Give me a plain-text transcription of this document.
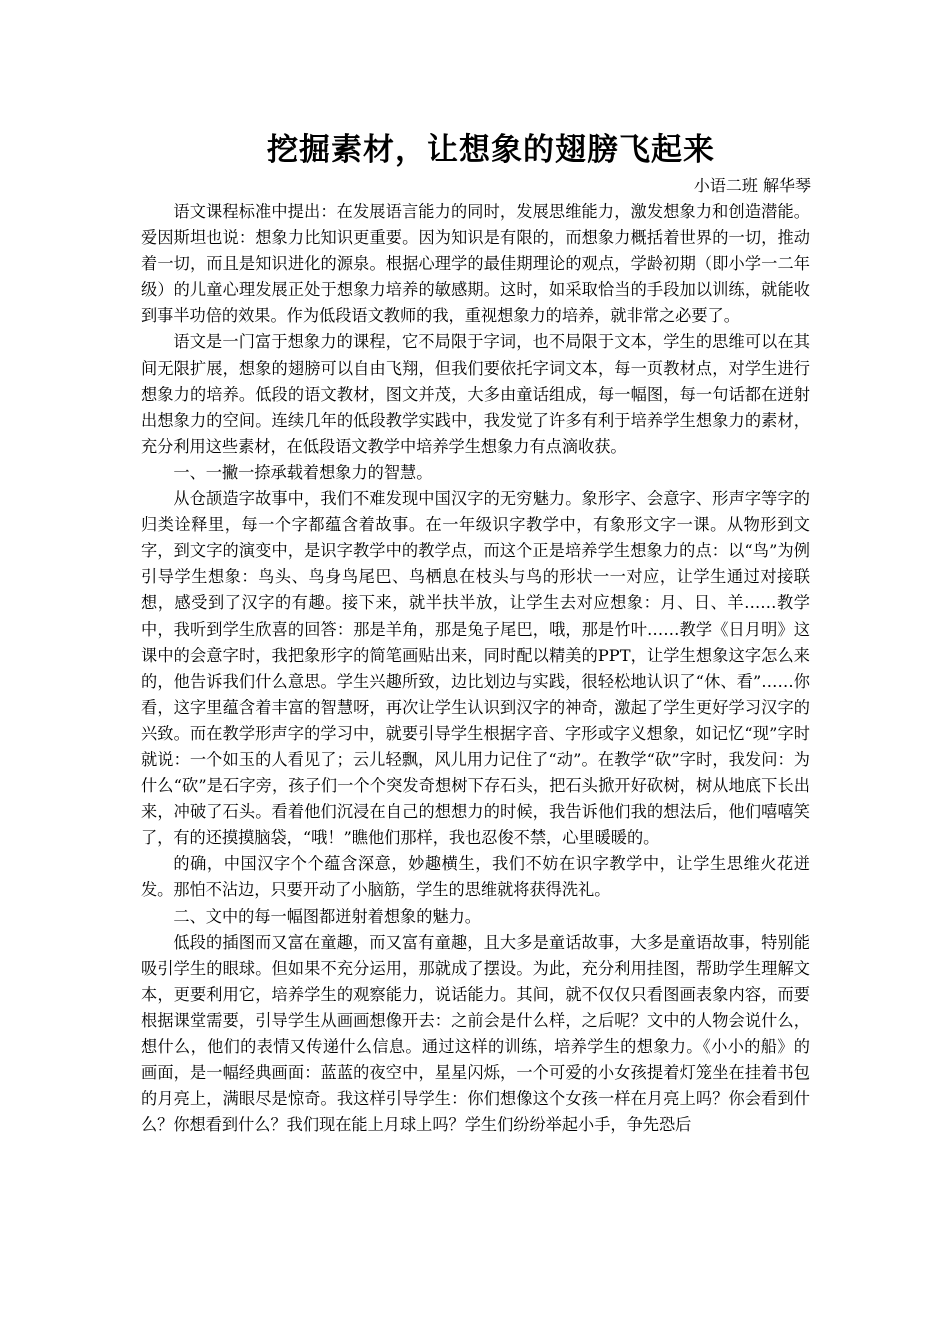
挖掘素材，让想象的翅膀飞起来

小语二班 解华琴

语文课程标准中提出：在发展语言能力的同时，发展思维能力，激发想象力和创造潜能。爱因斯坦也说：想象力比知识更重要。因为知识是有限的，而想象力概括着世界的一切，推动着一切，而且是知识进化的源泉。根据心理学的最佳期理论的观点，学龄初期（即小学一二年级）的儿童心理发展正处于想象力培养的敏感期。这时，如采取恰当的手段加以训练，就能收到事半功倍的效果。作为低段语文教师的我，重视想象力的培养，就非常之必要了。

语文是一门富于想象力的课程，它不局限于字词，也不局限于文本，学生的思维可以在其间无限扩展，想象的翅膀可以自由飞翔，但我们要依托字词文本，每一页教材点，对学生进行想象力的培养。低段的语文教材，图文并茂，大多由童话组成，每一幅图，每一句话都在迸射出想象力的空间。连续几年的低段教学实践中，我发觉了许多有利于培养学生想象力的素材，充分利用这些素材，在低段语文教学中培养学生想象力有点滴收获。

一、一撇一捺承载着想象力的智慧。

从仓颉造字故事中，我们不难发现中国汉字的无穷魅力。象形字、会意字、形声字等字的归类诠释里，每一个字都蕴含着故事。在一年级识字教学中，有象形文字一课。从物形到文字，到文字的演变中，是识字教学中的教学点，而这个正是培养学生想象力的点：以“鸟”为例引导学生想象：鸟头、鸟身鸟尾巴、鸟栖息在枝头与鸟的形状一一对应，让学生通过对接联想，感受到了汉字的有趣。接下来，就半扶半放，让学生去对应想象：月、日、羊……教学中，我听到学生欣喜的回答：那是羊角，那是兔子尾巴，哦，那是竹叶……教学《日月明》这课中的会意字时，我把象形字的简笔画贴出来，同时配以精美的PPT，让学生想象这字怎么来的，他告诉我们什么意思。学生兴趣所致，边比划边与实践，很轻松地认识了“休、看”……你看，这字里蕴含着丰富的智慧呀，再次让学生认识到汉字的神奇，激起了学生更好学习汉字的兴致。而在教学形声字的学习中，就要引导学生根据字音、字形或字义想象，如记忆“现”字时就说：一个如玉的人看见了；云儿轻飘，风儿用力记住了“动”。在教学“砍”字时，我发问：为什么“砍”是石字旁，孩子们一个个突发奇想树下存石头，把石头掀开好砍树，树从地底下长出来，冲破了石头。看着他们沉浸在自己的想想力的时候，我告诉他们我的想法后，他们嘻嘻笑了，有的还摸摸脑袋，“哦！”瞧他们那样，我也忍俊不禁，心里暖暖的。

的确，中国汉字个个蕴含深意，妙趣横生，我们不妨在识字教学中，让学生思维火花迸发。那怕不沾边，只要开动了小脑筋，学生的思维就将获得洗礼。

二、文中的每一幅图都迸射着想象的魅力。

低段的插图而又富在童趣，而又富有童趣，且大多是童话故事，大多是童语故事，特别能吸引学生的眼球。但如果不充分运用，那就成了摆设。为此，充分利用挂图，帮助学生理解文本，更要利用它，培养学生的观察能力，说话能力。其间，就不仅仅只看图画表象内容，而要根据课堂需要，引导学生从画画想像开去：之前会是什么样，之后呢？文中的人物会说什么，想什么，他们的表情又传递什么信息。通过这样的训练，培养学生的想象力。《小小的船》的画面，是一幅经典画面：蓝蓝的夜空中，星星闪烁，一个可爱的小女孩提着灯笼坐在挂着书包的月亮上，满眼尽是惊奇。我这样引导学生：你们想像这个女孩一样在月亮上吗？你会看到什么？你想看到什么？我们现在能上月球上吗？学生们纷纷举起小手，争先恐后
